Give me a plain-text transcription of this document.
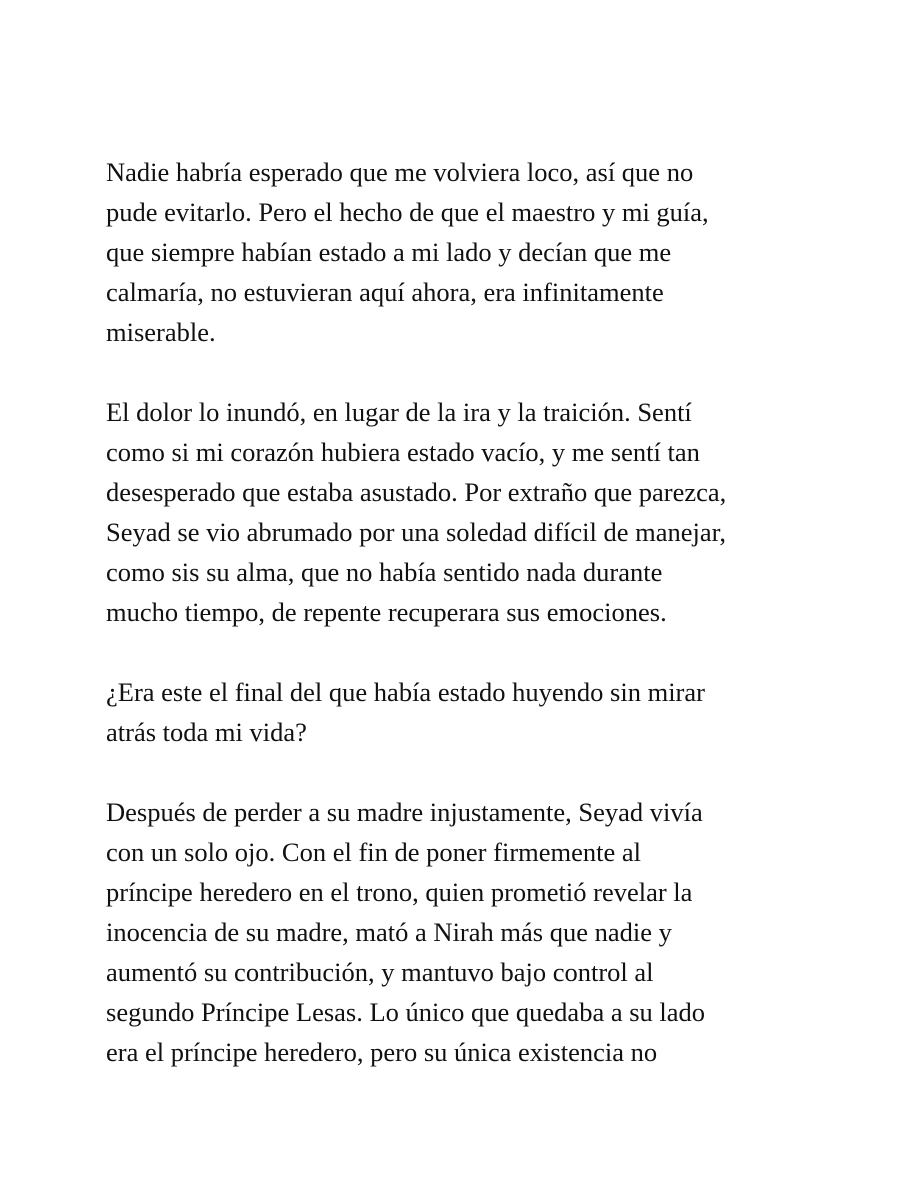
Nadie habría esperado que me volviera loco, así que no
pude evitarlo. Pero el hecho de que el maestro y mi guía,
que siempre habían estado a mi lado y decían que me
calmaría, no estuvieran aquí ahora, era infinitamente
miserable.

El dolor lo inundó, en lugar de la ira y la traición. Sentí
como si mi corazón hubiera estado vacío, y me sentí tan
desesperado que estaba asustado. Por extraño que parezca,
Seyad se vio abrumado por una soledad difícil de manejar,
como sis su alma, que no había sentido nada durante
mucho tiempo, de repente recuperara sus emociones.

¿Era este el final del que había estado huyendo sin mirar
atrás toda mi vida?

Después de perder a su madre injustamente, Seyad vivía
con un solo ojo. Con el fin de poner firmemente al
príncipe heredero en el trono, quien prometió revelar la
inocencia de su madre, mató a Nirah más que nadie y
aumentó su contribución, y mantuvo bajo control al
segundo Príncipe Lesas. Lo único que quedaba a su lado
era el príncipe heredero, pero su única existencia no
